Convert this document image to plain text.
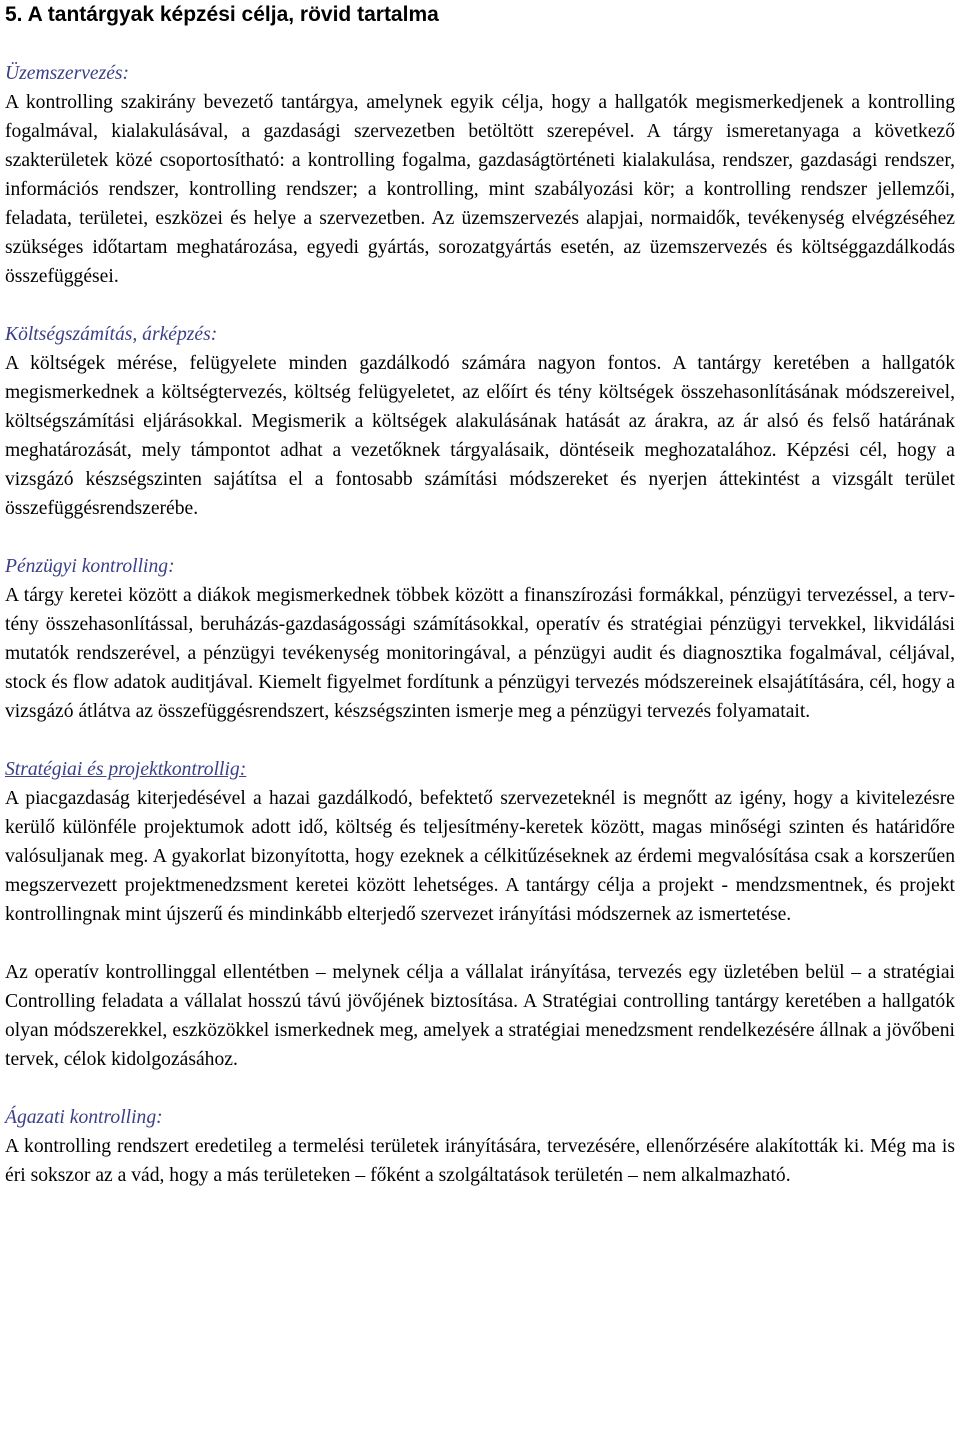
5. A tantárgyak képzési célja, rövid tartalma
Üzemszervezés:

A kontrolling szakirány bevezető tantárgya, amelynek egyik célja, hogy a hallgatók megismerkedjenek a kontrolling fogalmával, kialakulásával, a gazdasági szervezetben betöltött szerepével. A tárgy ismeretanyaga a következő szakterületek közé csoportosítható: a kontrolling fogalma, gazdaságtörténeti kialakulása, rendszer, gazdasági rendszer, információs rendszer, kontrolling rendszer; a kontrolling, mint szabályozási kör; a kontrolling rendszer jellemzői, feladata, területei, eszközei és helye a szervezetben. Az üzemszervezés alapjai, normaidők, tevékenység elvégzéséhez szükséges időtartam meghatározása, egyedi gyártás, sorozatgyártás esetén, az üzemszervezés és költséggazdálkodás összefüggései.

Költségszámítás, árképzés:

A költségek mérése, felügyelete minden gazdálkodó számára nagyon fontos. A tantárgy keretében a hallgatók megismerkednek a költségtervezés, költség felügyeletet, az előírt és tény költségek összehasonlításának módszereivel, költségszámítási eljárásokkal. Megismerik a költségek alakulásának hatását az árakra, az ár alsó és felső határának meghatározását, mely támpontot adhat a vezetőknek tárgyalásaik, döntéseik meghozatalához. Képzési cél, hogy a vizsgázó készségszinten sajátítsa el a fontosabb számítási módszereket és nyerjen áttekintést a vizsgált terület összefüggésrendszerébe.

Pénzügyi kontrolling:

A tárgy keretei között a diákok megismerkednek többek között a finanszírozási formákkal, pénzügyi tervezéssel, a terv-tény összehasonlítással, beruházás-gazdaságossági számításokkal, operatív és stratégiai pénzügyi tervekkel, likvidálási mutatók rendszerével, a pénzügyi tevékenység monitoringával, a pénzügyi audit és diagnosztika fogalmával, céljával, stock és flow adatok auditjával. Kiemelt figyelmet fordítunk a pénzügyi tervezés módszereinek elsajátítására, cél, hogy a vizsgázó átlátva az összefüggésrendszert, készségszinten ismerje meg a pénzügyi tervezés folyamatait.

Stratégiai és projektkontrollig:

A piacgazdaság kiterjedésével a hazai gazdálkodó, befektető szervezeteknél is megnőtt az igény, hogy a kivitelezésre kerülő különféle projektumok adott idő, költség és teljesítmény-keretek között, magas minőségi szinten és határidőre valósuljanak meg. A gyakorlat bizonyította, hogy ezeknek a célkitűzéseknek az érdemi megvalósítása csak a korszerűen megszervezett projektmenedzsment keretei között lehetséges. A tantárgy célja a projekt - mendzsmentnek, és projekt kontrollingnak mint újszerű és mindinkább elterjedő szervezet irányítási módszernek az ismertetése.

Az operatív kontrollinggal ellentétben – melynek célja a vállalat irányítása, tervezés egy üzletében belül – a stratégiai Controlling feladata a vállalat hosszú távú jövőjének biztosítása. A Stratégiai controlling tantárgy keretében a hallgatók olyan módszerekkel, eszközökkel ismerkednek meg, amelyek a stratégiai menedzsment rendelkezésére állnak a jövőbeni tervek, célok kidolgozásához.

Ágazati kontrolling:

A kontrolling rendszert eredetileg a termelési területek irányítására, tervezésére, ellenőrzésére alakították ki. Még ma is éri sokszor az a vád, hogy a más területeken – főként a szolgáltatások területén – nem alkalmazható.
